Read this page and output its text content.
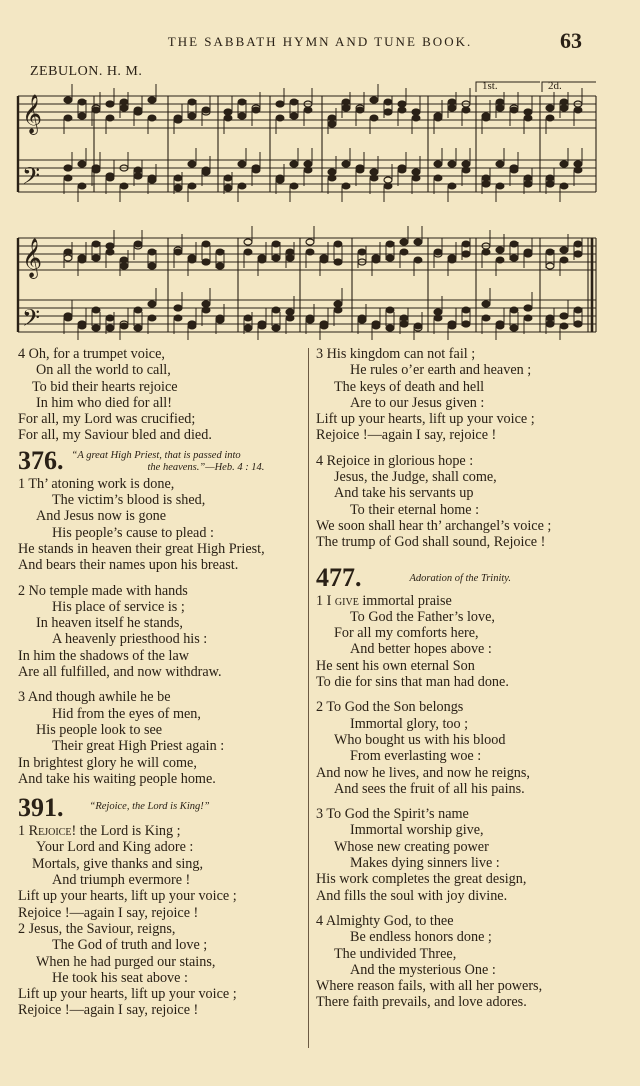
THE SABBATH HYMN AND TUNE BOOK.	63
ZEBULON. H. M.
1st.	2d.
𝄞
𝄢
𝄞
𝄢
4 Oh, for a trumpet voice,
On all the world to call,
To bid their hearts rejoice
In him who died for all!
For all, my Lord was crucified;
For all, my Saviour bled and died.
376. “A great High Priest, that is passed into
the heavens.”—Heb. 4 : 14.
1 Th’ atoning work is done,
The victim’s blood is shed,
And Jesus now is gone
His people’s cause to plead :
He stands in heaven their great High Priest,
And bears their names upon his breast.
2 No temple made with hands
His place of service is ;
In heaven itself he stands,
A heavenly priesthood his :
In him the shadows of the law
Are all fulfilled, and now withdraw.
3 And though awhile he be
Hid from the eyes of men,
His people look to see
Their great High Priest again :
In brightest glory he will come,
And take his waiting people home.
391.	“Rejoice, the Lord is King!”
1 Rejoice! the Lord is King ;
Your Lord and King adore :
Mortals, give thanks and sing,
And triumph evermore !
Lift up your hearts, lift up your voice ;
Rejoice !—again I say, rejoice !
2 Jesus, the Saviour, reigns,
The God of truth and love ;
When he had purged our stains,
He took his seat above :
Lift up your hearts, lift up your voice ;
Rejoice !—again I say, rejoice !
3 His kingdom can not fail ;
He rules o’er earth and heaven ;
The keys of death and hell
Are to our Jesus given :
Lift up your hearts, lift up your voice ;
Rejoice !—again I say, rejoice !
4 Rejoice in glorious hope :
Jesus, the Judge, shall come,
And take his servants up
To their eternal home :
We soon shall hear th’ archangel’s voice ;
The trump of God shall sound, Rejoice !
477.	Adoration of the Trinity.
1 I give immortal praise
To God the Father’s love,
For all my comforts here,
And better hopes above :
He sent his own eternal Son
To die for sins that man had done.
2 To God the Son belongs
Immortal glory, too ;
Who bought us with his blood
From everlasting woe :
And now he lives, and now he reigns,
And sees the fruit of all his pains.
3 To God the Spirit’s name
Immortal worship give,
Whose new creating power
Makes dying sinners live :
His work completes the great design,
And fills the soul with joy divine.
4 Almighty God, to thee
Be endless honors done ;
The undivided Three,
And the mysterious One :
Where reason fails, with all her powers,
There faith prevails, and love adores.
